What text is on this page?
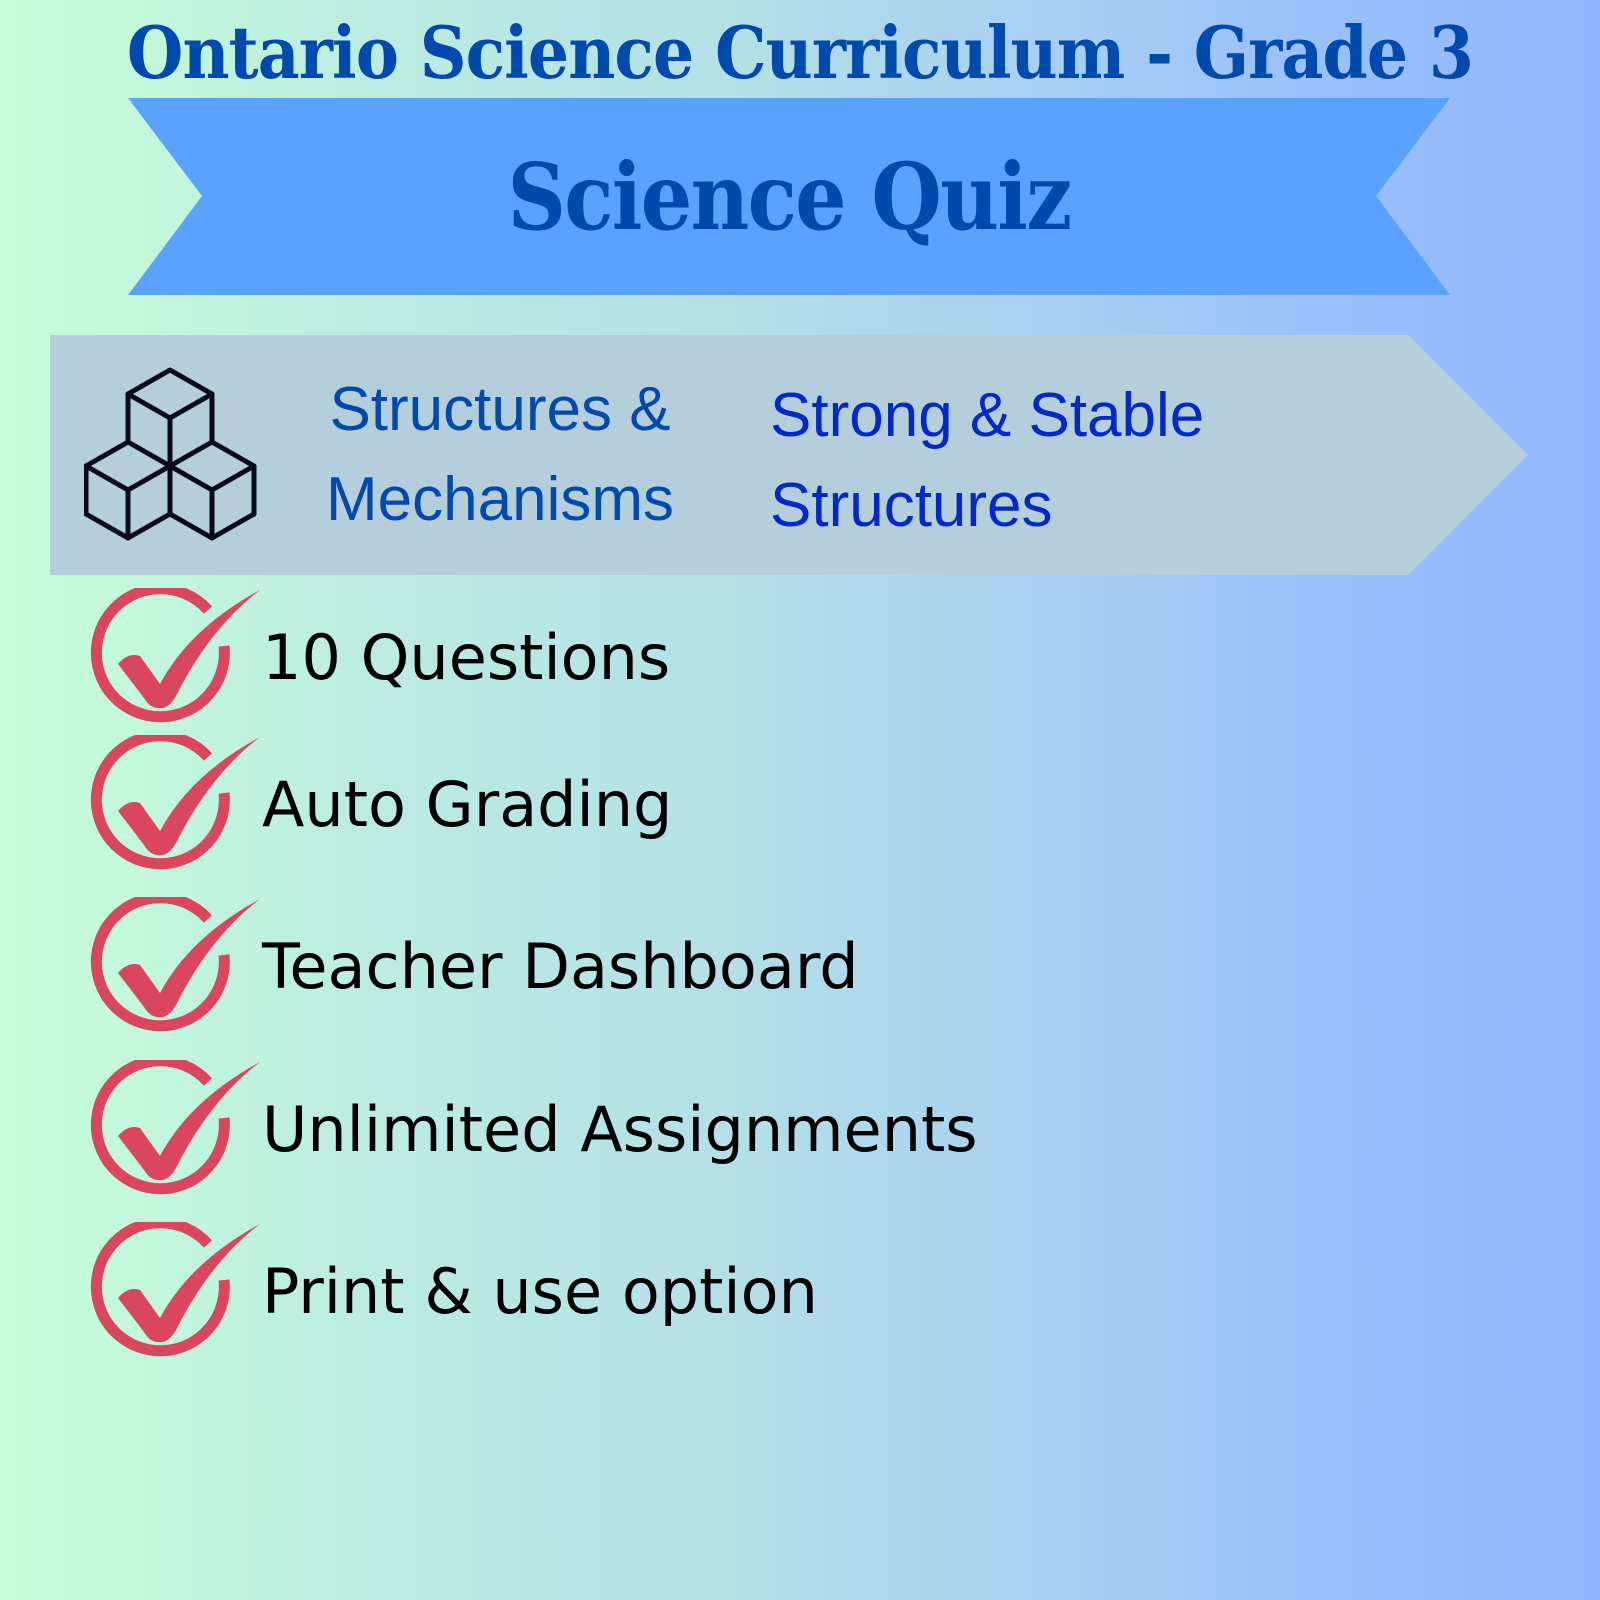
Ontario Science Curriculum - Grade 3
Science Quiz
Structures &
Mechanisms
Strong & Stable
Structures
10 Questions
Auto Grading
Teacher Dashboard
Unlimited Assignments
Print & use option
